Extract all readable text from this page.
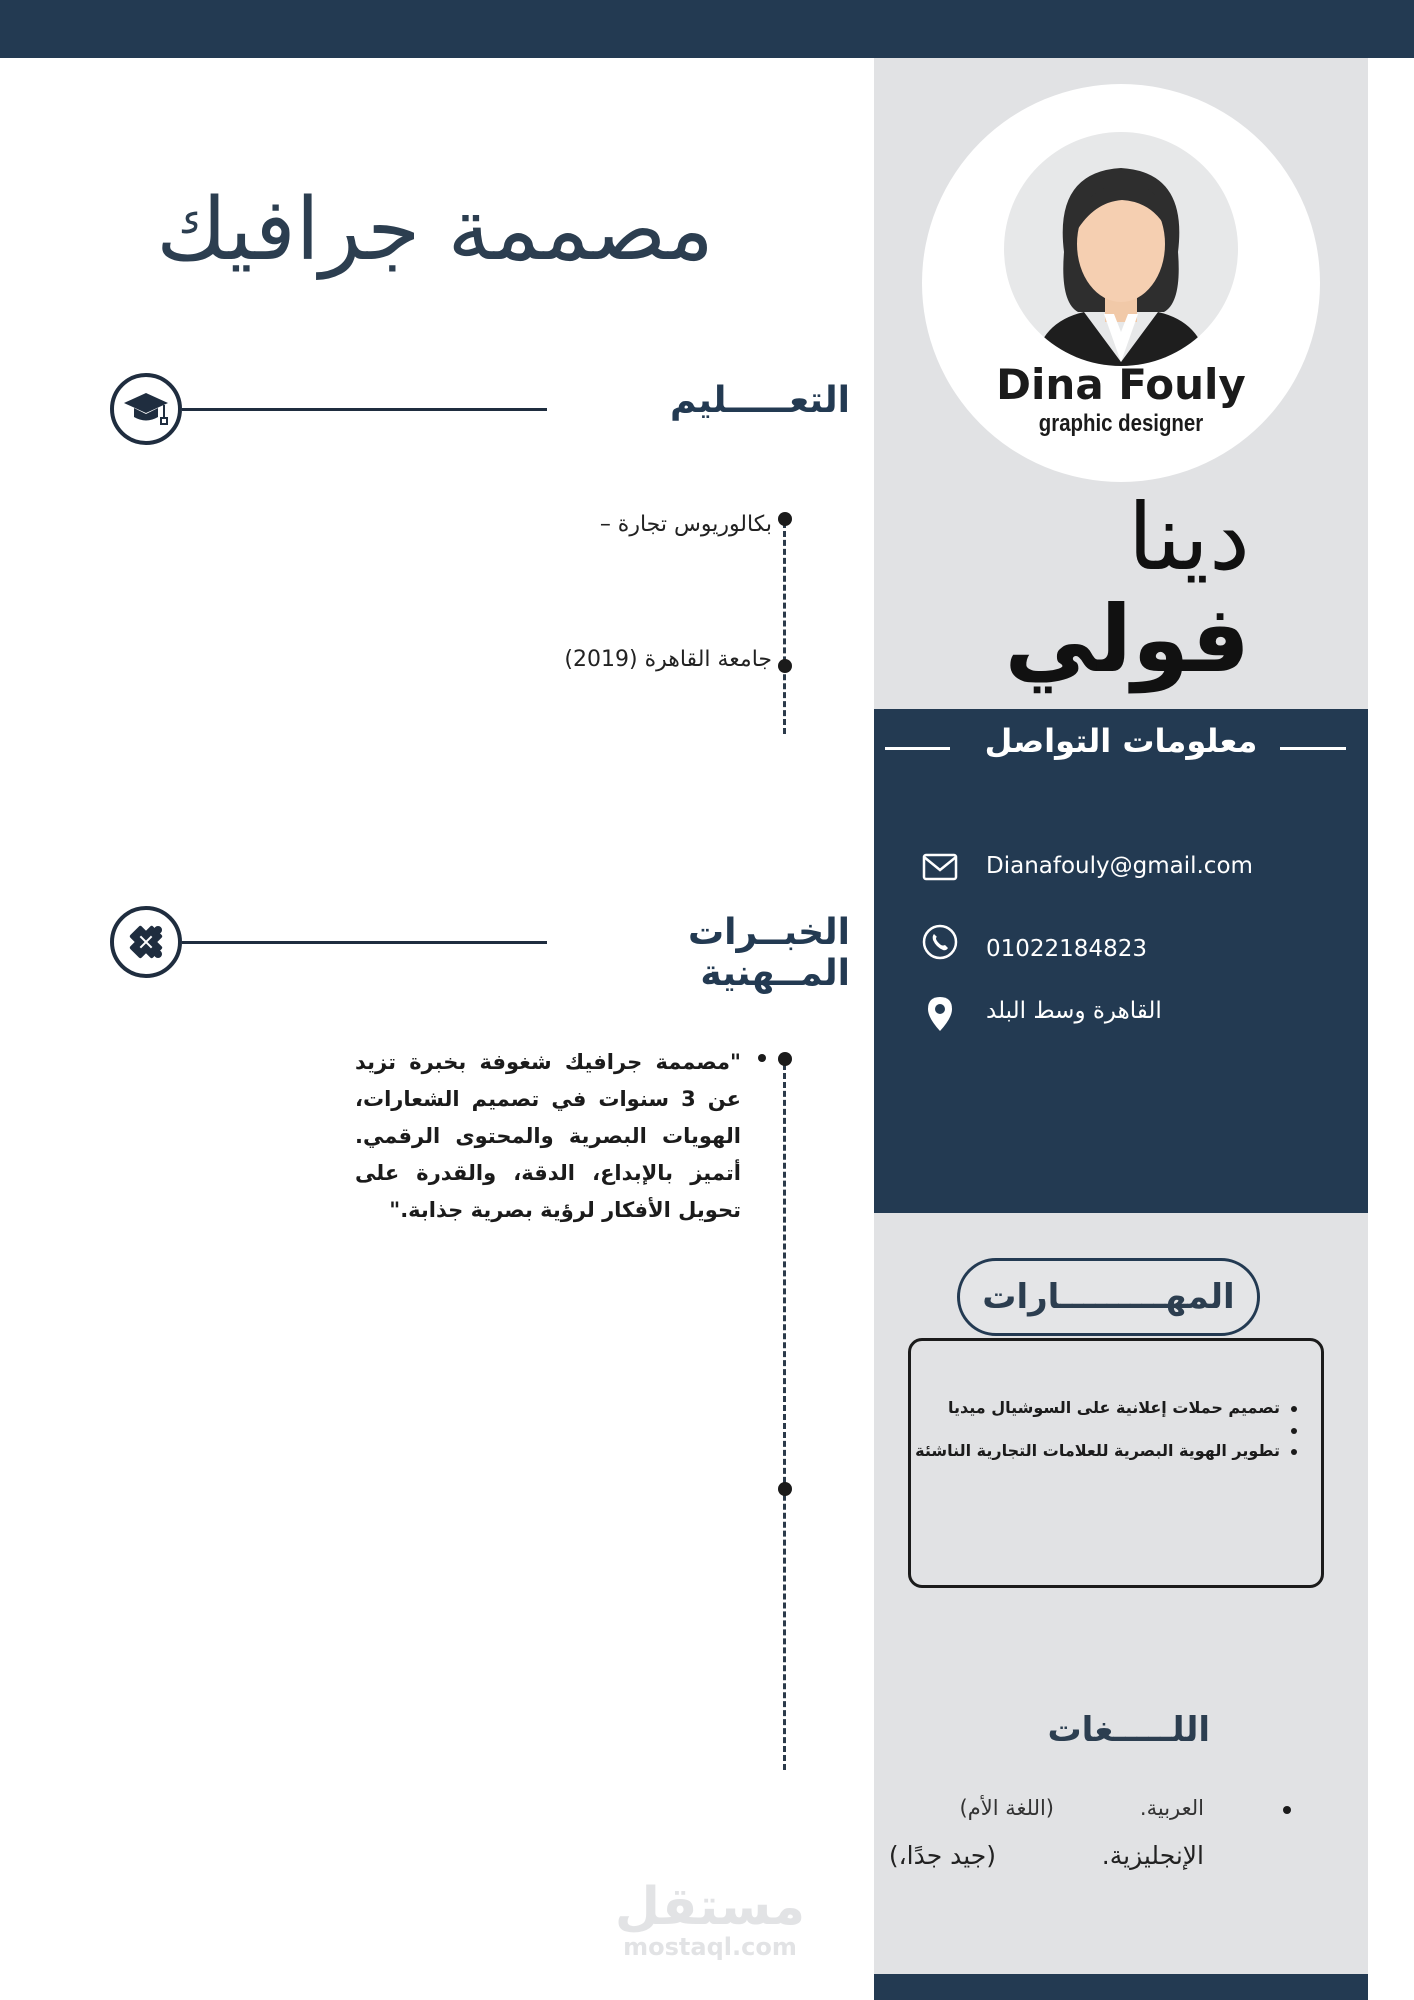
مصممة جرافيك
التعـــــليم
بكالوريوس تجارة –
جامعة القاهرة (2019)
الخبــرات المــهنية
"مصممة جرافيك شغوفة بخبرة تزيد عن 3 سنوات في تصميم الشعارات، الهويات البصرية والمحتوى الرقمي. أتميز بالإبداع، الدقة، والقدرة على تحويل الأفكار لرؤية بصرية جذابة."
مستقل
mostaql.com
Dina Fouly
graphic designer
دينا
فولي
معلومات التواصل
Dianafouly@gmail.com
01022184823
القاهرة وسط البلد
المهـــــــــارات
تصميم حملات إعلانية على السوشيال ميديا
تطوير الهوية البصرية للعلامات التجارية الناشئة
اللـــــغات
العربية.
(اللغة الأم)
الإنجليزية.
(جيد جدًا،)
